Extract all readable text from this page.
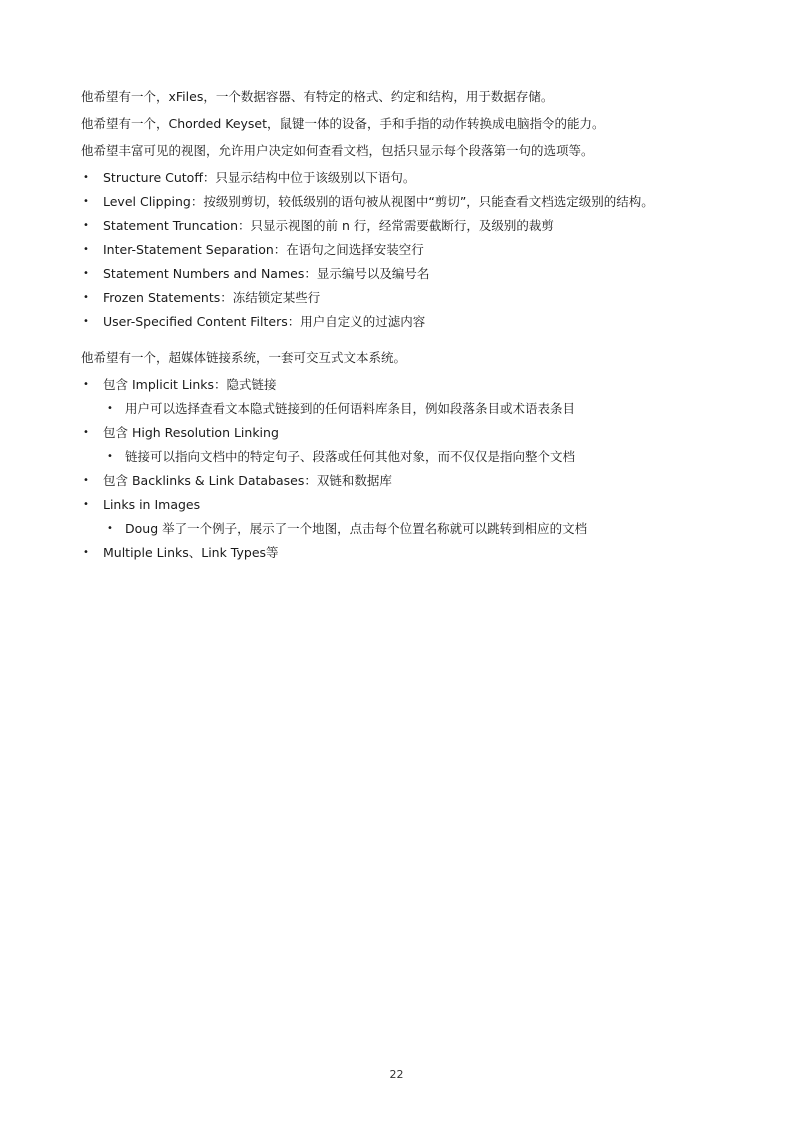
他希望有一个，xFiles，一个数据容器、有特定的格式、约定和结构，用于数据存储。

他希望有一个，Chorded Keyset，鼠键一体的设备，手和手指的动作转换成电脑指令的能力。

他希望丰富可见的视图，允许用户决定如何查看文档，包括只显示每个段落第一句的选项等。

• Structure Cutoff：只显示结构中位于该级别以下语句。
• Level Clipping：按级别剪切，较低级别的语句被从视图中“剪切”，只能查看文档选定级别的结构。
• Statement Truncation：只显示视图的前 n 行，经常需要截断行，及级别的裁剪
• Inter-Statement Separation：在语句之间选择安装空行
• Statement Numbers and Names：显示编号以及编号名
• Frozen Statements：冻结锁定某些行
• User-Specified Content Filters：用户自定义的过滤内容

他希望有一个，超媒体链接系统，一套可交互式文本系统。

• 包含 Implicit Links：隐式链接
• 用户可以选择查看文本隐式链接到的任何语料库条目，例如段落条目或术语表条目
• 包含 High Resolution Linking
• 链接可以指向文档中的特定句子、段落或任何其他对象，而不仅仅是指向整个文档
• 包含 Backlinks & Link Databases：双链和数据库
• Links in Images
• Doug 举了一个例子，展示了一个地图，点击每个位置名称就可以跳转到相应的文档
• Multiple Links、Link Types等
22
